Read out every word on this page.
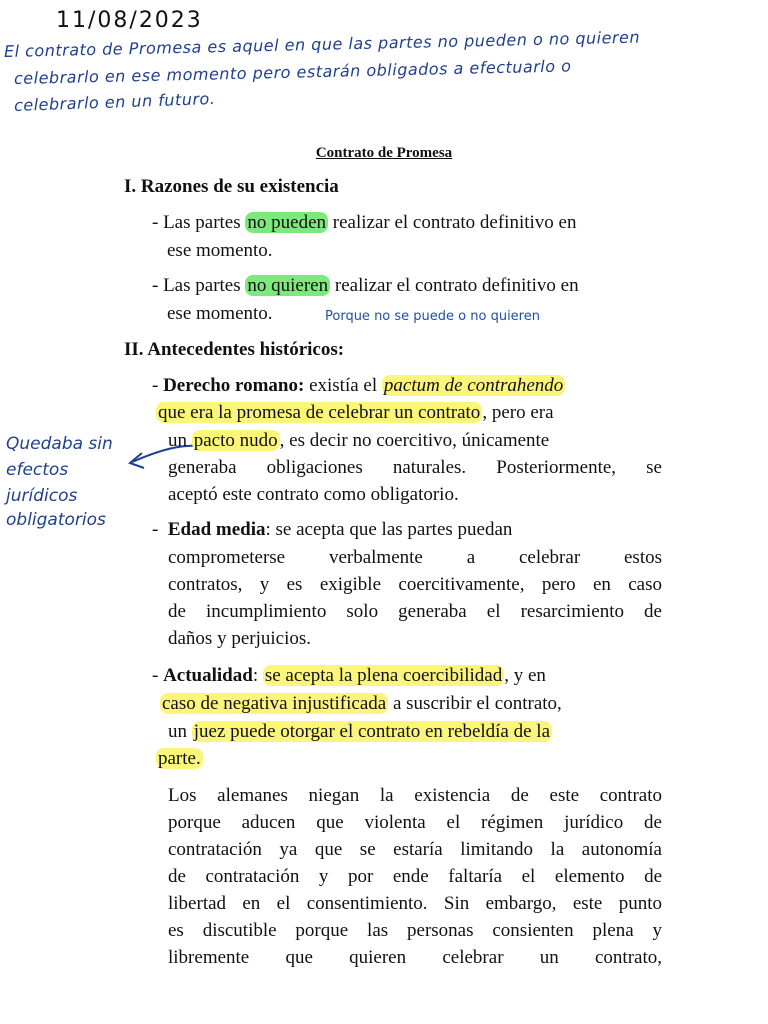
11/08/2023
El contrato de Promesa es aquel en que las partes no pueden o no quieren
celebrarlo en ese momento pero estarán obligados a efectuarlo o
celebrarlo en un futuro.
Quedaba sin
efectos
jurídicos
obligatorios
Porque no se puede o no quieren
Contrato de Promesa
I. Razones de su existencia
- Las partes no pueden realizar el contrato definitivo en
ese momento.
- Las partes no quieren realizar el contrato definitivo en
ese momento.
II. Antecedentes históricos:
- Derecho romano: existía el pactum de contrahendo
que era la promesa de celebrar un contrato , pero era
un pacto nudo , es decir no coercitivo, únicamente
generaba obligaciones naturales. Posteriormente, se
aceptó este contrato como obligatorio.
-  Edad media: se acepta que las partes puedan
comprometerse verbalmente a celebrar estos
contratos, y es exigible coercitivamente, pero en caso
de incumplimiento solo generaba el resarcimiento de
daños y perjuicios.
- Actualidad: se acepta la plena coercibilidad , y en
caso de negativa injustificada a suscribir el contrato,
un juez puede otorgar el contrato en rebeldía de la
parte.
Los alemanes niegan la existencia de este contrato
porque aducen que violenta el régimen jurídico de
contratación ya que se estaría limitando la autonomía
de contratación y por ende faltaría el elemento de
libertad en el consentimiento. Sin embargo, este punto
es discutible porque las personas consienten plena y
libremente que quieren celebrar un contrato,
